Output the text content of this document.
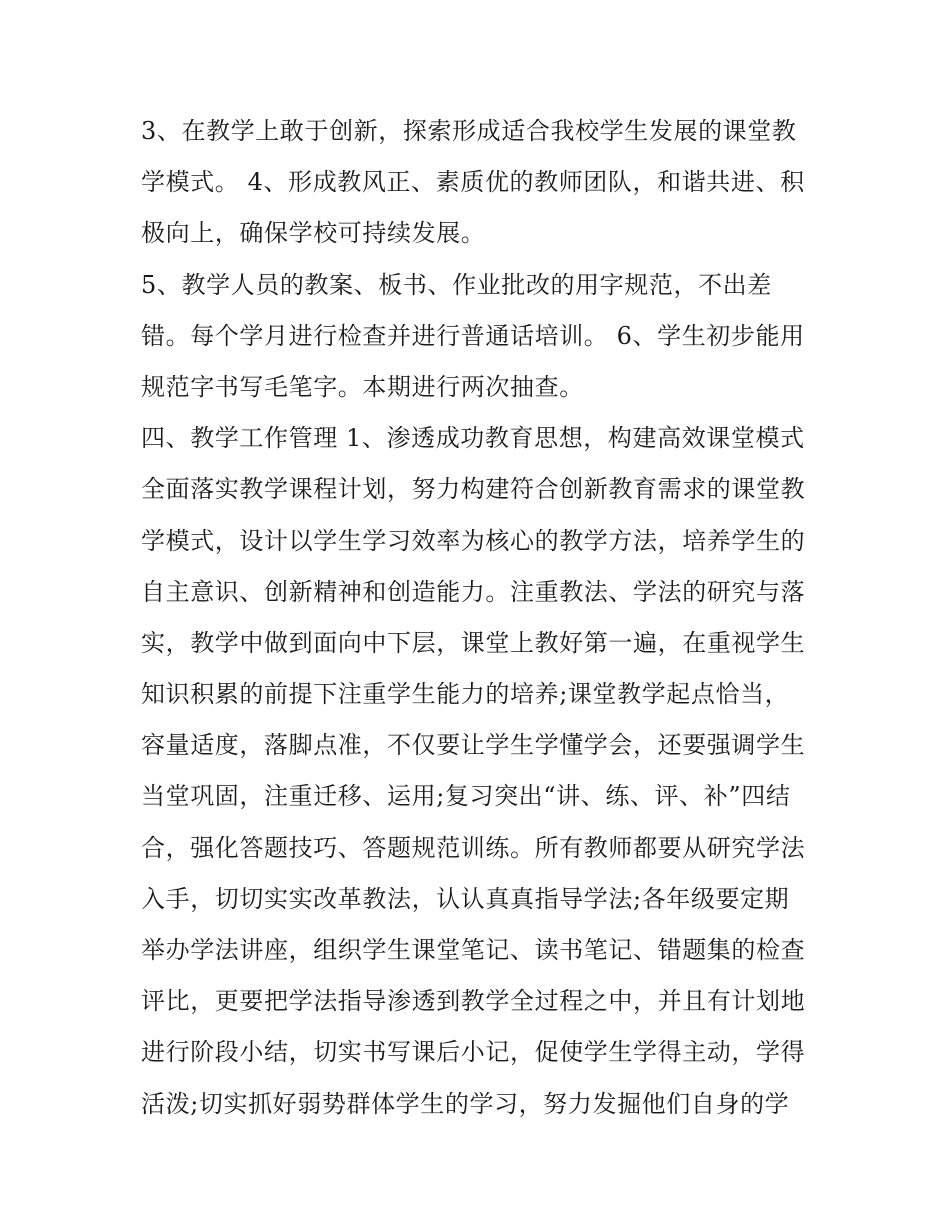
3、在教学上敢于创新，探索形成适合我校学生发展的课堂教
学模式。 4、形成教风正、素质优的教师团队，和谐共进、积
极向上，确保学校可持续发展。
5、教学人员的教案、板书、作业批改的用字规范，不出差
错。每个学月进行检查并进行普通话培训。 6、学生初步能用
规范字书写毛笔字。本期进行两次抽查。
四、教学工作管理 1、渗透成功教育思想，构建高效课堂模式
全面落实教学课程计划，努力构建符合创新教育需求的课堂教
学模式，设计以学生学习效率为核心的教学方法，培养学生的
自主意识、创新精神和创造能力。注重教法、学法的研究与落
实，教学中做到面向中下层，课堂上教好第一遍，在重视学生
知识积累的前提下注重学生能力的培养;课堂教学起点恰当，
容量适度，落脚点准，不仅要让学生学懂学会，还要强调学生
当堂巩固，注重迁移、运用;复习突出“讲、练、评、补”四结
合，强化答题技巧、答题规范训练。所有教师都要从研究学法
入手，切切实实改革教法，认认真真指导学法;各年级要定期
举办学法讲座，组织学生课堂笔记、读书笔记、错题集的检查
评比，更要把学法指导渗透到教学全过程之中，并且有计划地
进行阶段小结，切实书写课后小记，促使学生学得主动，学得
活泼;切实抓好弱势群体学生的学习，努力发掘他们自身的学
